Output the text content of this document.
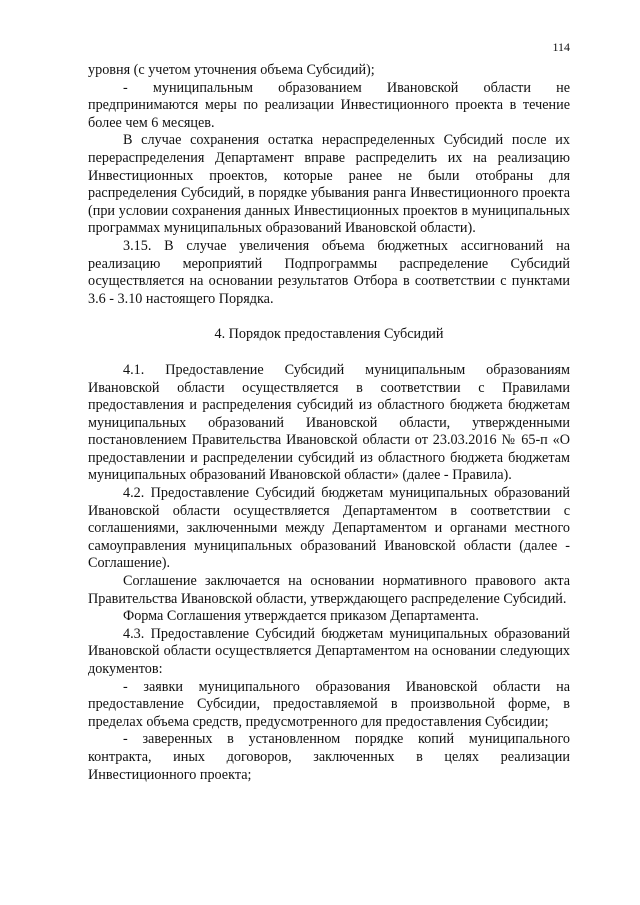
114

уровня (с учетом уточнения объема Субсидий);

- муниципальным образованием Ивановской области не предпринимаются меры по реализации Инвестиционного проекта в течение более чем 6 месяцев.

В случае сохранения остатка нераспределенных Субсидий после их перераспределения Департамент вправе распределить их на реализацию Инвестиционных проектов, которые ранее не были отобраны для распределения Субсидий, в порядке убывания ранга Инвестиционного проекта (при условии сохранения данных Инвестиционных проектов в муниципальных программах муниципальных образований Ивановской области).

3.15. В случае увеличения объема бюджетных ассигнований на реализацию мероприятий Подпрограммы распределение Субсидий осуществляется на основании результатов Отбора в соответствии с пунктами 3.6 - 3.10 настоящего Порядка.

4. Порядок предоставления Субсидий

4.1. Предоставление Субсидий муниципальным образованиям Ивановской области осуществляется в соответствии с Правилами предоставления и распределения субсидий из областного бюджета бюджетам муниципальных образований Ивановской области, утвержденными постановлением Правительства Ивановской области от 23.03.2016 № 65-п «О предоставлении и распределении субсидий из областного бюджета бюджетам муниципальных образований Ивановской области» (далее - Правила).

4.2. Предоставление Субсидий бюджетам муниципальных образований Ивановской области осуществляется Департаментом в соответствии с соглашениями, заключенными между Департаментом и органами местного самоуправления муниципальных образований Ивановской области (далее - Соглашение).

Соглашение заключается на основании нормативного правового акта Правительства Ивановской области, утверждающего распределение Субсидий.

Форма Соглашения утверждается приказом Департамента.

4.3. Предоставление Субсидий бюджетам муниципальных образований Ивановской области осуществляется Департаментом на основании следующих документов:

- заявки муниципального образования Ивановской области на предоставление Субсидии, предоставляемой в произвольной форме, в пределах объема средств, предусмотренного для предоставления Субсидии;

- заверенных в установленном порядке копий муниципального контракта, иных договоров, заключенных в целях реализации Инвестиционного проекта;
